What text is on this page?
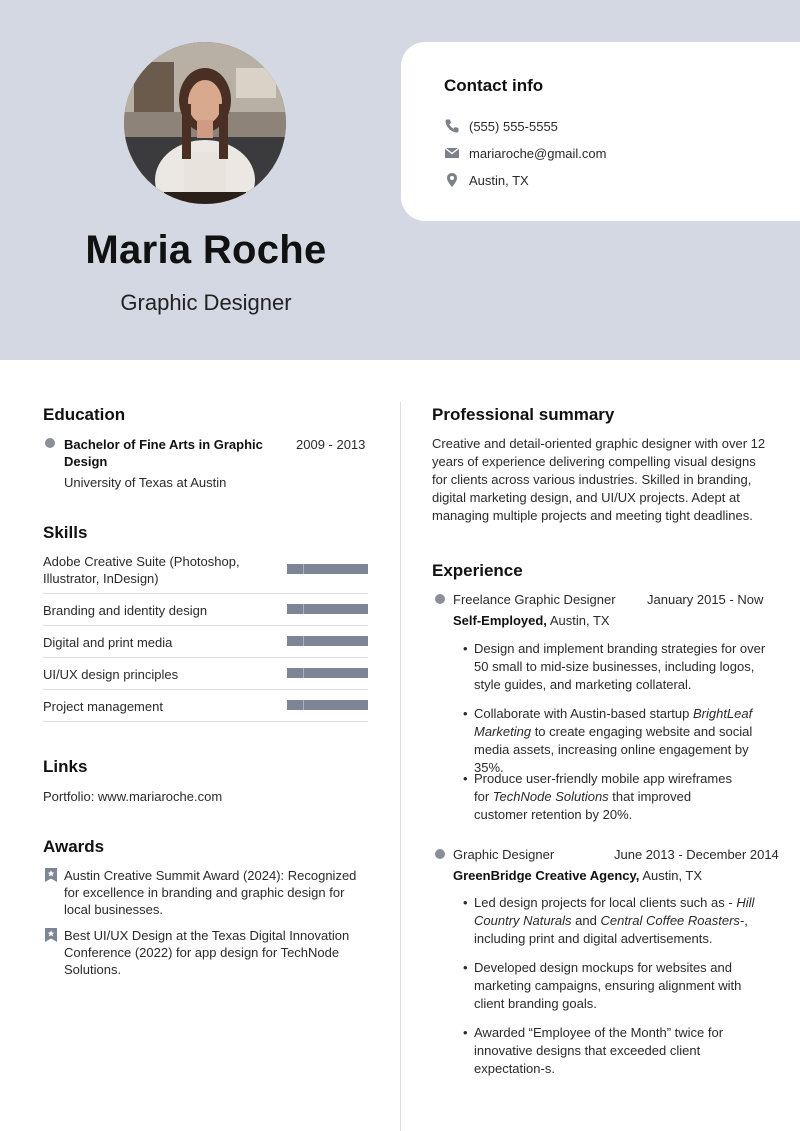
Maria Roche
Graphic Designer
Contact info
(555) 555-5555
mariaroche@gmail.com
Austin, TX
Education
Bachelor of Fine Arts in Graphic Design
2009 - 2013
University of Texas at Austin
Skills
Adobe Creative Suite (Photoshop, Illustrator, InDesign)
Branding and identity design
Digital and print media
UI/UX design principles
Project management
Links
Portfolio: www.mariaroche.com
Awards
Austin Creative Summit Award (2024): Recognized for excellence in branding and graphic design for local businesses.
Best UI/UX Design at the Texas Digital Innovation Conference (2022) for app design for TechNode Solutions.
Professional summary
Creative and detail-oriented graphic designer with over 12 years of experience delivering compelling visual designs for clients across various industries. Skilled in branding, digital marketing design, and UI/UX projects. Adept at managing multiple projects and meeting tight deadlines.
Experience
Freelance Graphic Designer January 2015 - Now
Self-Employed, Austin, TX
• Design and implement branding strategies for over 50 small to mid-size businesses, including logos, style guides, and marketing collateral.
• Collaborate with Austin-based startup BrightLeaf Marketing to create engaging website and social media assets, increasing online engagement by 35%.
• Produce user-friendly mobile app wireframes for TechNode Solutions that improved customer retention by 20%.
Graphic Designer	June 2013 - December 2014
GreenBridge Creative Agency, Austin, TX
• Led design projects for local clients such as - Hill Country Naturals and Central Coffee Roasters-, including print and digital advertisements.
• Developed design mockups for websites and marketing campaigns, ensuring alignment with client branding goals.
• Awarded “Employee of the Month” twice for innovative designs that exceeded client expectation-s.
